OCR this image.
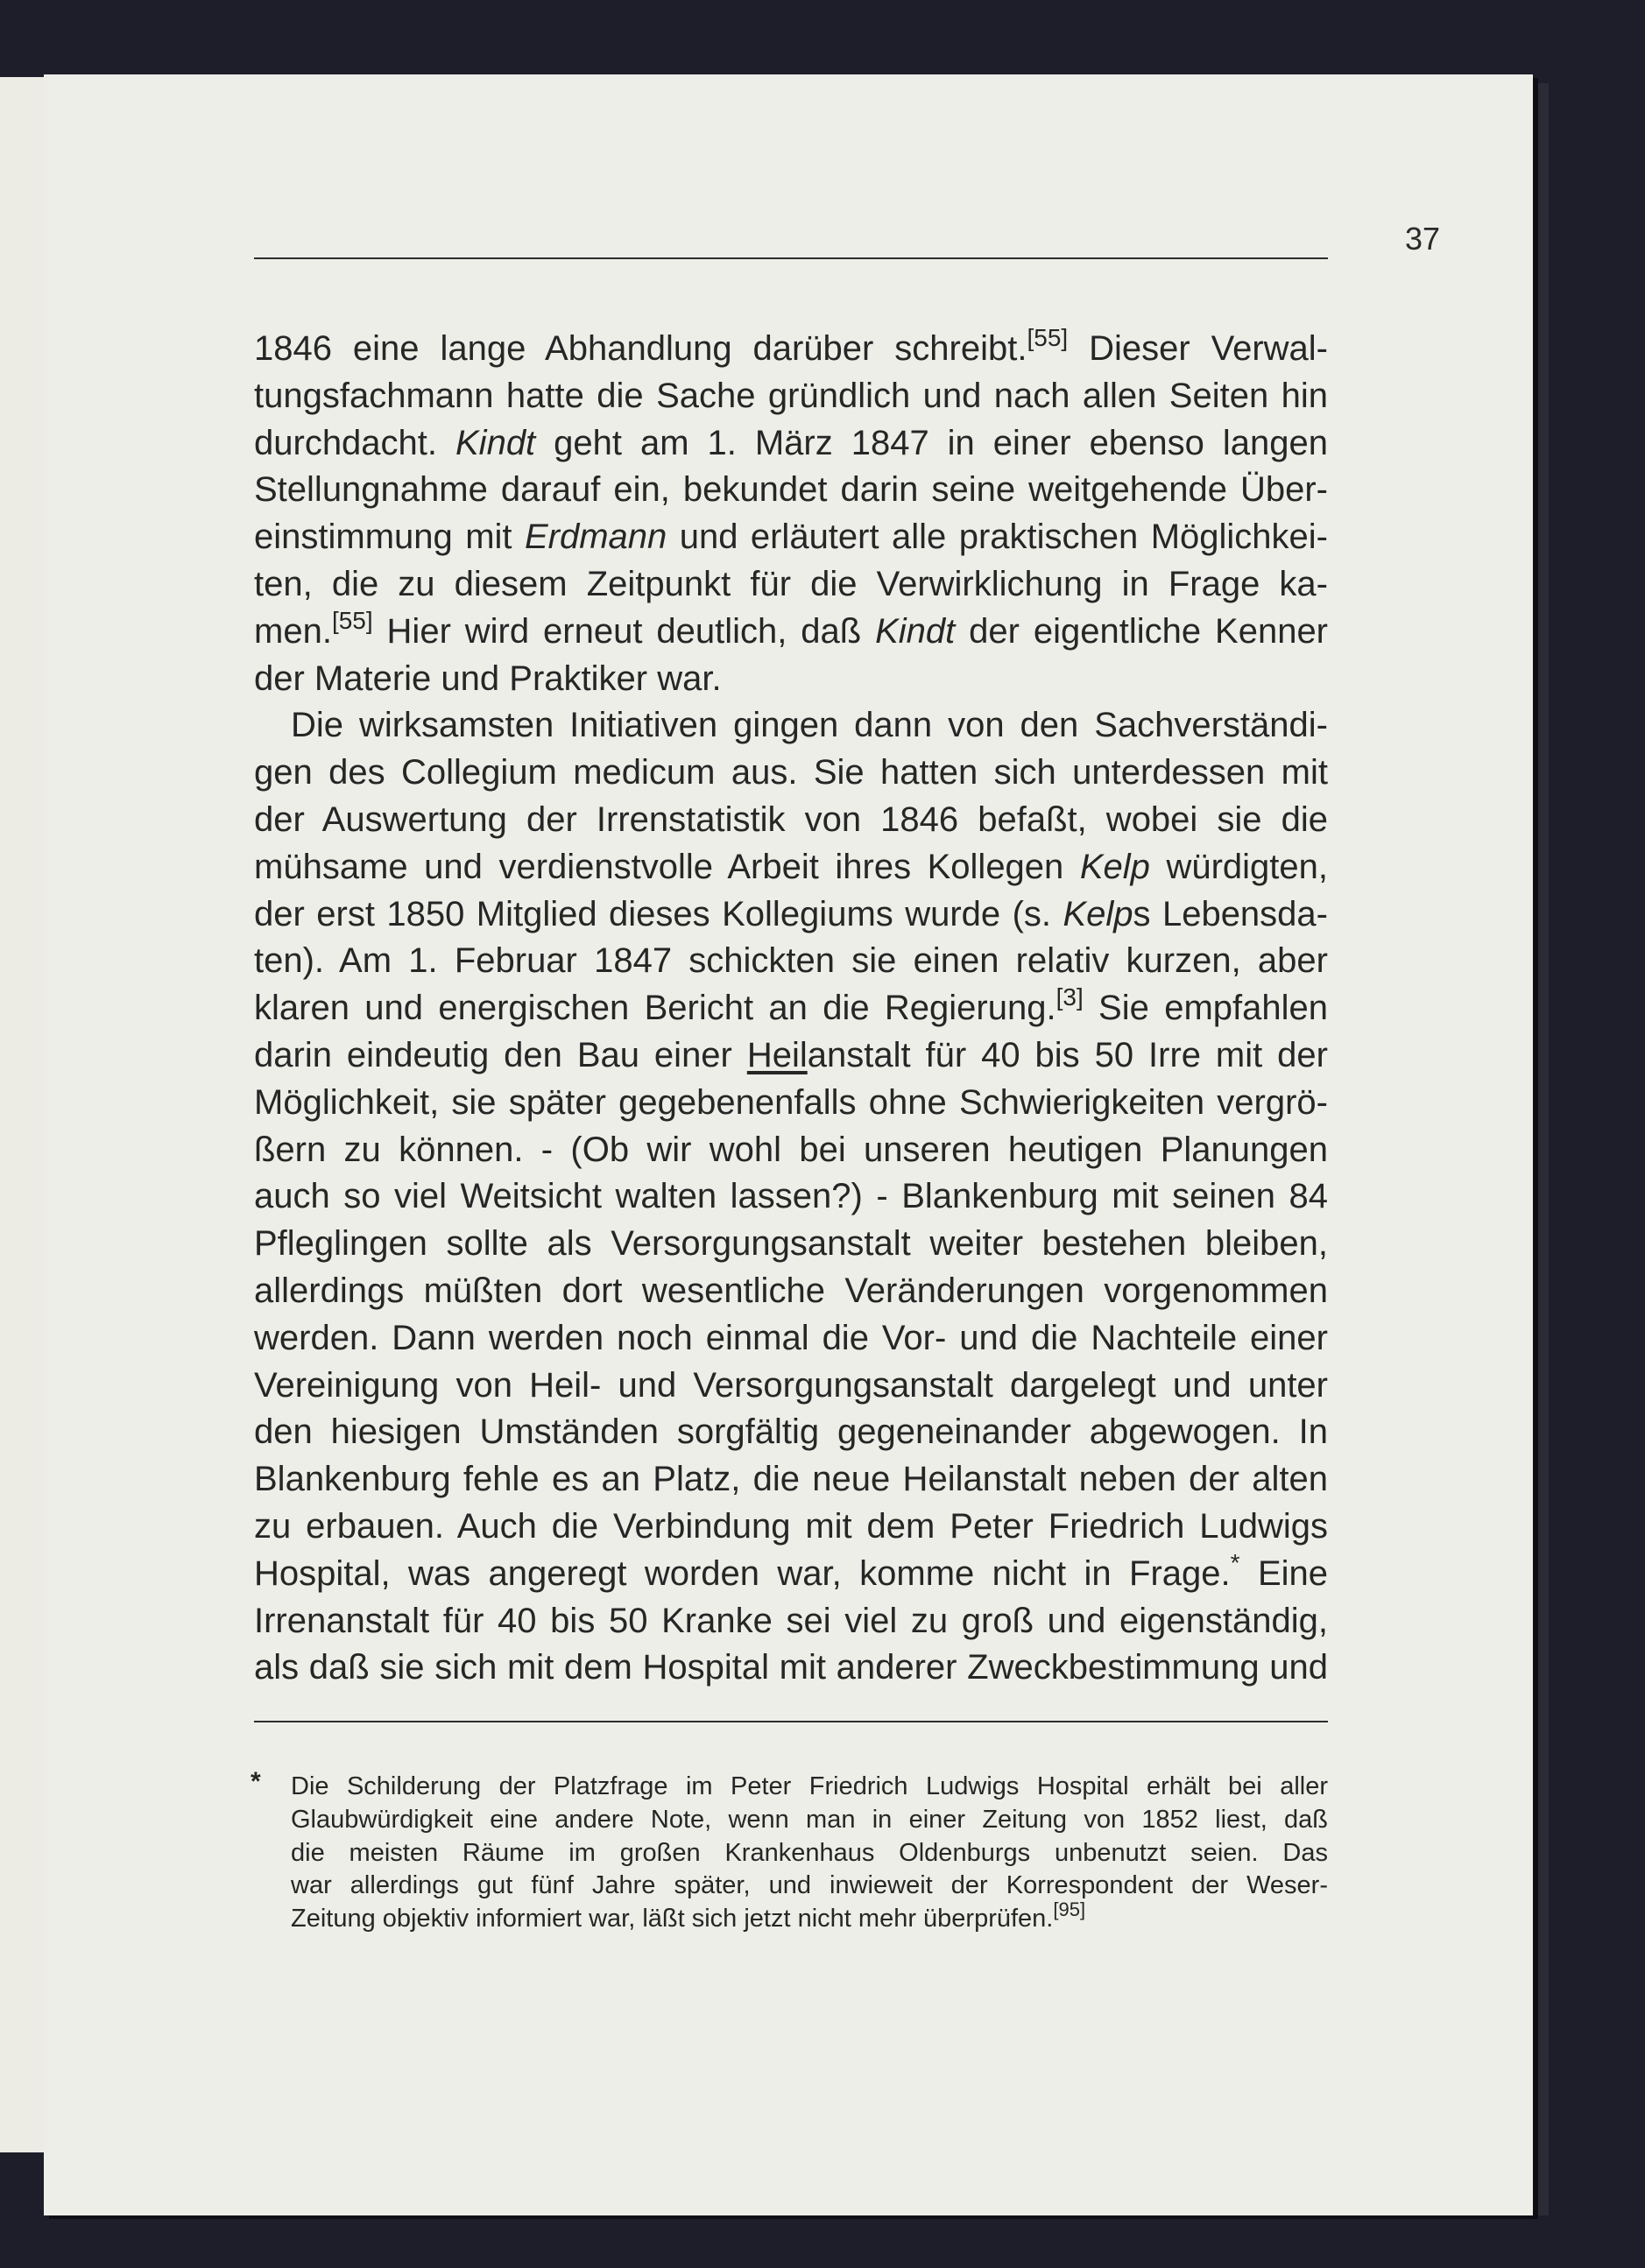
37
1846 eine lange Abhandlung darüber schreibt.[55] Dieser Verwal-
tungsfachmann hatte die Sache gründlich und nach allen Seiten hin
durchdacht. Kindt geht am 1. März 1847 in einer ebenso langen
Stellungnahme darauf ein, bekundet darin seine weitgehende Über-
einstimmung mit Erdmann und erläutert alle praktischen Möglichkei-
ten, die zu diesem Zeitpunkt für die Verwirklichung in Frage ka-
men.[55] Hier wird erneut deutlich, daß Kindt der eigentliche Kenner
der Materie und Praktiker war.
Die wirksamsten Initiativen gingen dann von den Sachverständi-
gen des Collegium medicum aus. Sie hatten sich unterdessen mit
der Auswertung der Irrenstatistik von 1846 befaßt, wobei sie die
mühsame und verdienstvolle Arbeit ihres Kollegen Kelp würdigten,
der erst 1850 Mitglied dieses Kollegiums wurde (s. Kelps Lebensda-
ten). Am 1. Februar 1847 schickten sie einen relativ kurzen, aber
klaren und energischen Bericht an die Regierung.[3] Sie empfahlen
darin eindeutig den Bau einer Heilanstalt für 40 bis 50 Irre mit der
Möglichkeit, sie später gegebenenfalls ohne Schwierigkeiten vergrö-
ßern zu können. - (Ob wir wohl bei unseren heutigen Planungen
auch so viel Weitsicht walten lassen?) - Blankenburg mit seinen 84
Pfleglingen sollte als Versorgungsanstalt weiter bestehen bleiben,
allerdings müßten dort wesentliche Veränderungen vorgenommen
werden. Dann werden noch einmal die Vor- und die Nachteile einer
Vereinigung von Heil- und Versorgungsanstalt dargelegt und unter
den hiesigen Umständen sorgfältig gegeneinander abgewogen. In
Blankenburg fehle es an Platz, die neue Heilanstalt neben der alten
zu erbauen. Auch die Verbindung mit dem Peter Friedrich Ludwigs
Hospital, was angeregt worden war, komme nicht in Frage.* Eine
Irrenanstalt für 40 bis 50 Kranke sei viel zu groß und eigenständig,
als daß sie sich mit dem Hospital mit anderer Zweckbestimmung und
* Die Schilderung der Platzfrage im Peter Friedrich Ludwigs Hospital erhält bei aller
Glaubwürdigkeit eine andere Note, wenn man in einer Zeitung von 1852 liest, daß
die meisten Räume im großen Krankenhaus Oldenburgs unbenutzt seien. Das
war allerdings gut fünf Jahre später, und inwieweit der Korrespondent der Weser-
Zeitung objektiv informiert war, läßt sich jetzt nicht mehr überprüfen.[95]
